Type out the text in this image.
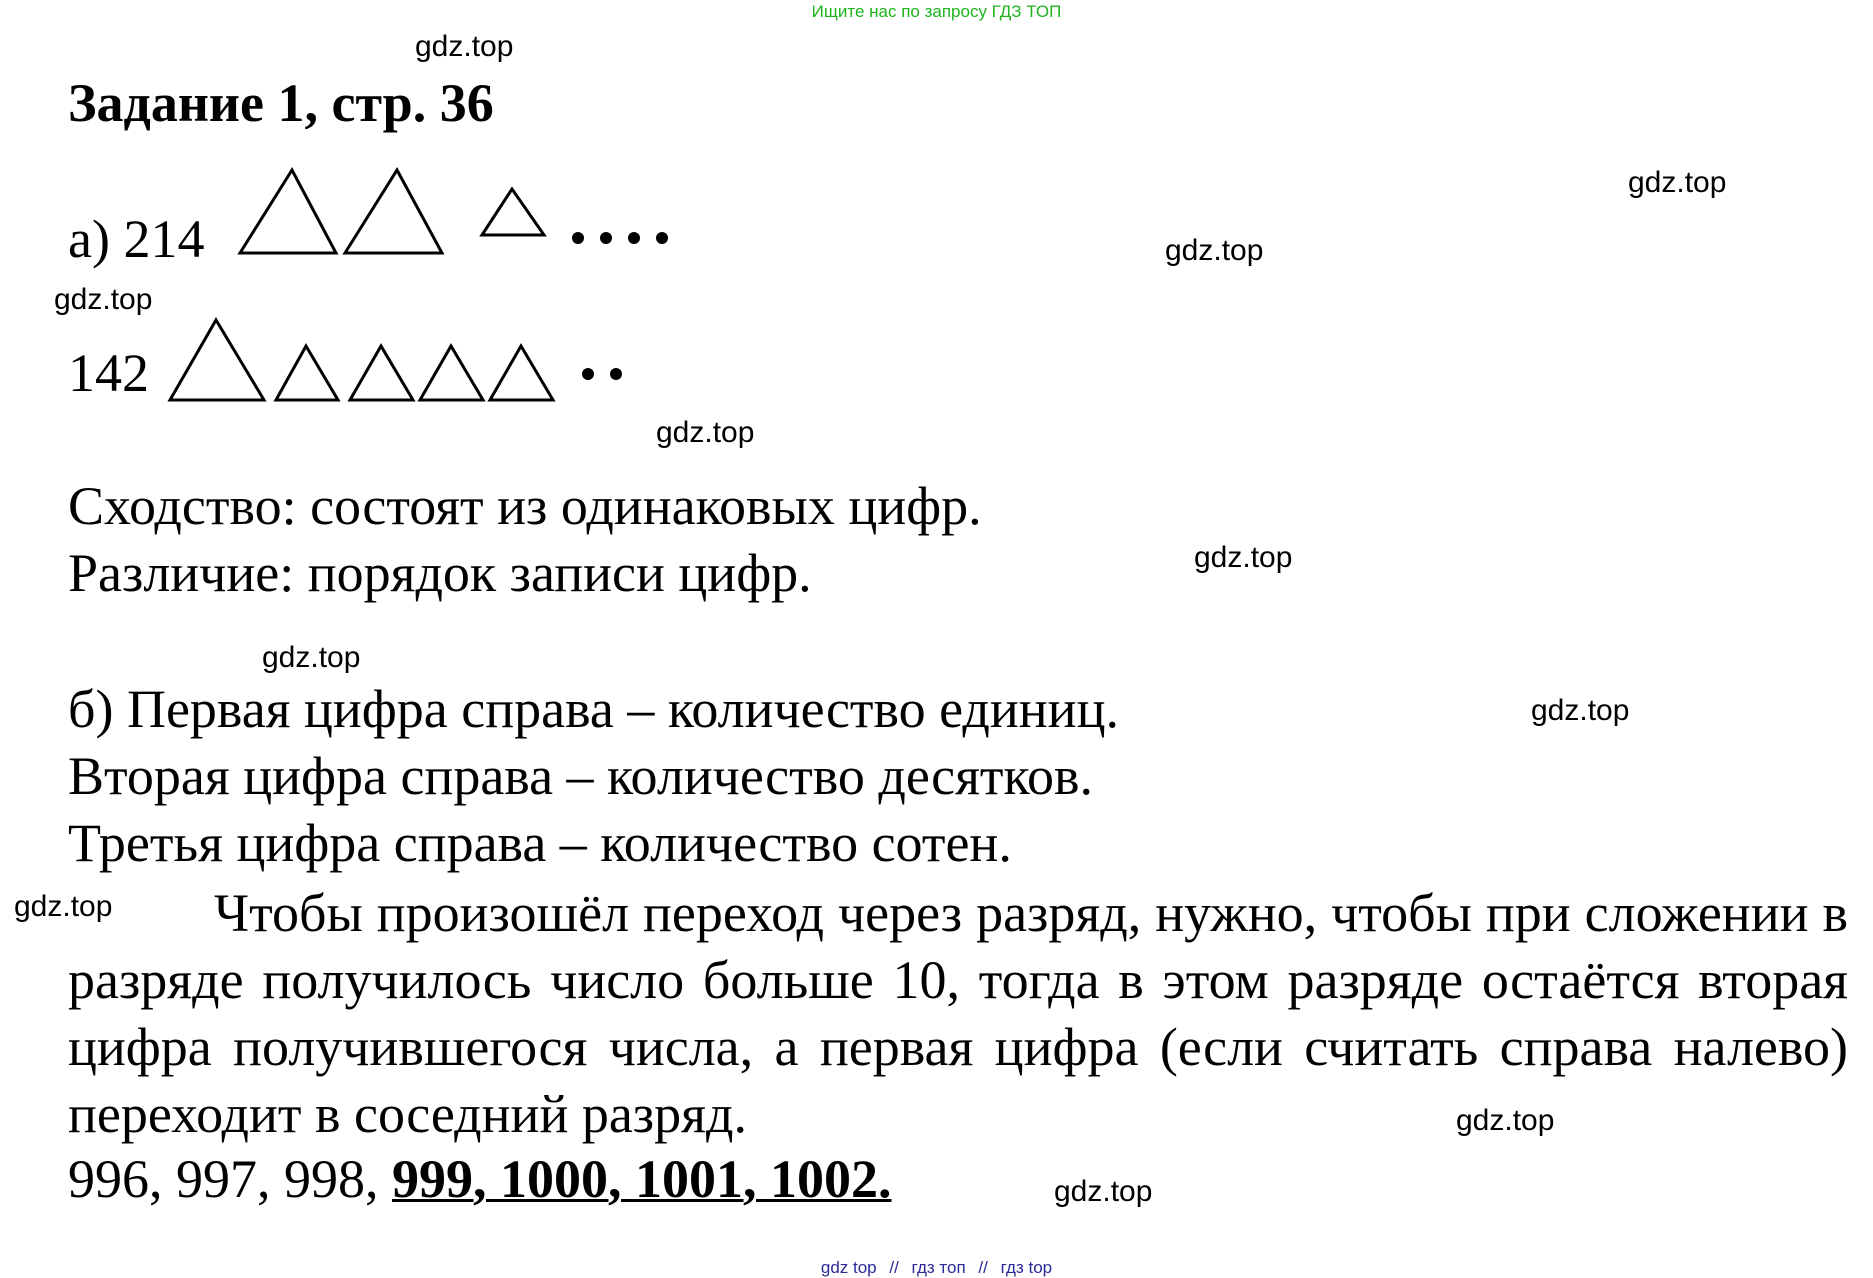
Ищите нас по запросу ГДЗ ТОП
gdz.top
gdz.top
gdz.top
gdz.top
gdz.top
gdz.top
gdz.top
gdz.top
gdz.top
gdz.top
gdz.top
Задание 1, стр. 36
а) 214
142
Сходство: состоят из одинаковых цифр.
Различие: порядок записи цифр.
б) Первая цифра справа – количество единиц.
Вторая цифра справа – количество десятков.
Третья цифра справа – количество сотен.
Чтобы произошёл переход через разряд, нужно, чтобы при сложении в разряде получилось число больше 10, тогда в этом разряде остаётся вторая цифра получившегося числа, а первая цифра (если считать справа налево) переходит в соседний разряд.
996, 997, 998, 999, 1000, 1001, 1002.
gdz top // гдз топ // гдз top
